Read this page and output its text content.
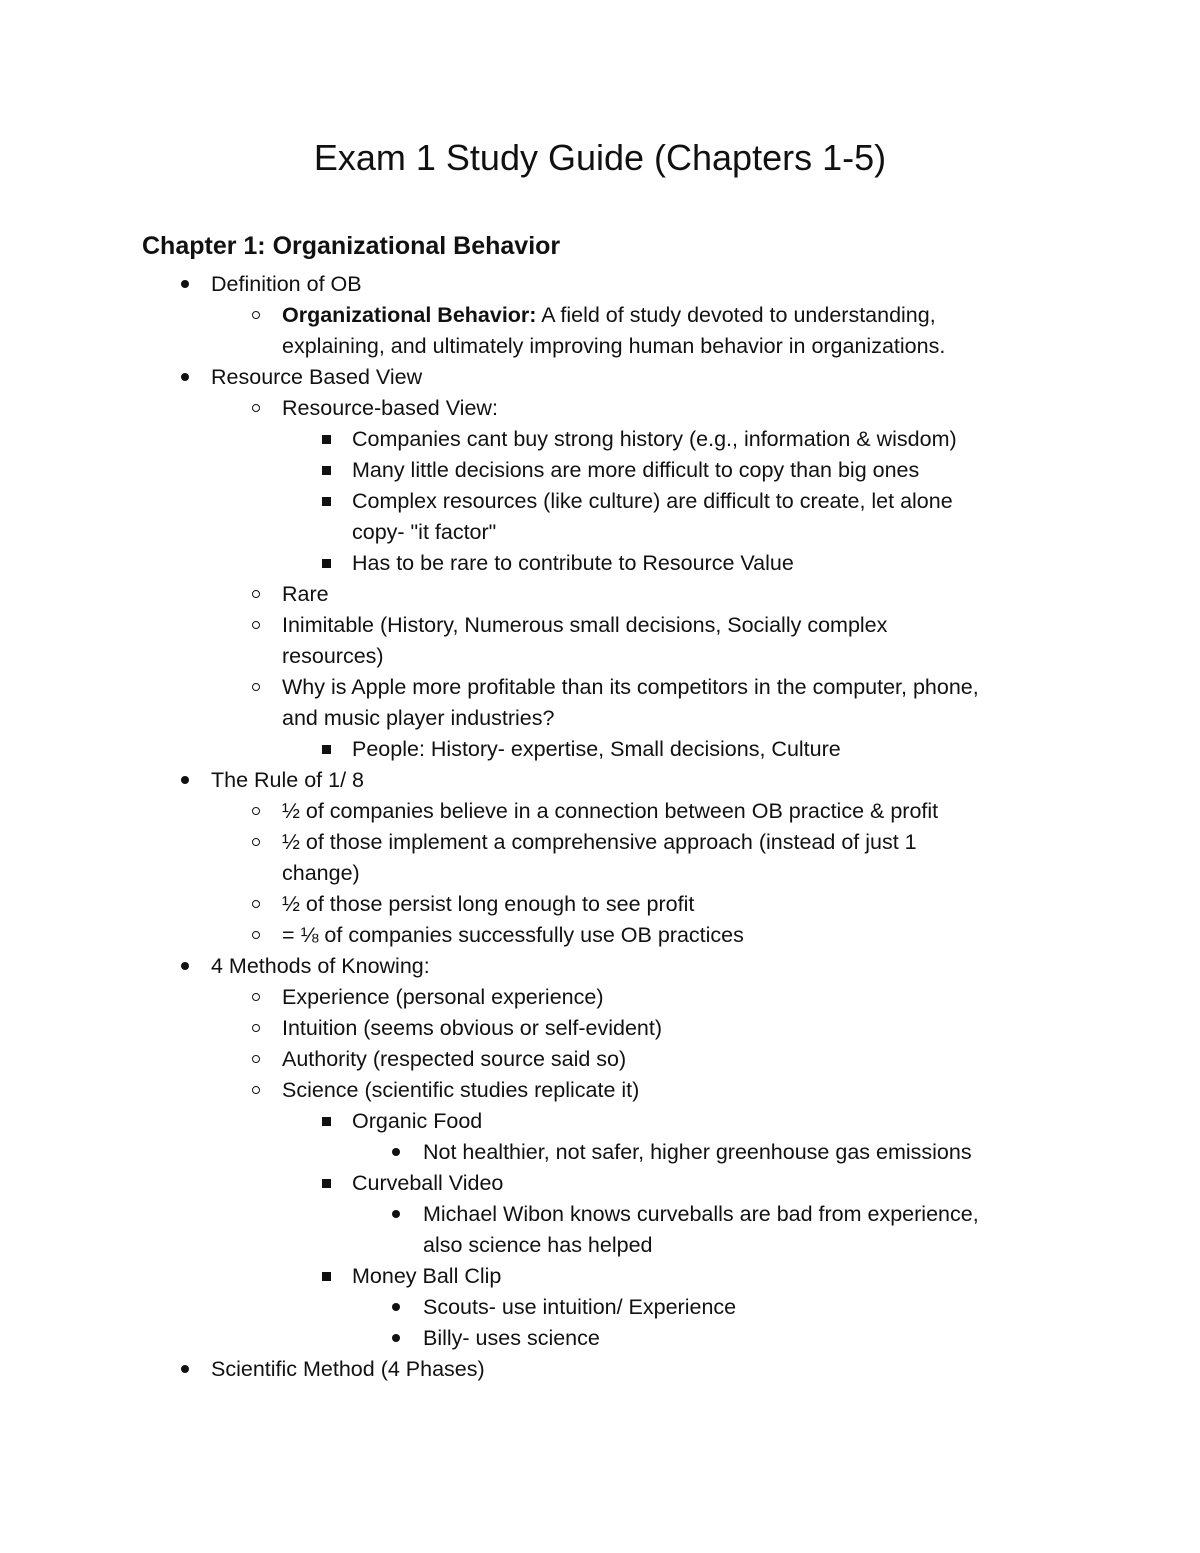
Exam 1 Study Guide (Chapters 1-5)
Chapter 1: Organizational Behavior
Definition of OB
Organizational Behavior: A field of study devoted to understanding,
explaining, and ultimately improving human behavior in organizations.
Resource Based View
Resource-based View:
Companies cant buy strong history (e.g., information & wisdom)
Many little decisions are more difficult to copy than big ones
Complex resources (like culture) are difficult to create, let alone
copy- "it factor"
Has to be rare to contribute to Resource Value
Rare
Inimitable (History, Numerous small decisions, Socially complex
resources)
Why is Apple more profitable than its competitors in the computer, phone,
and music player industries?
People: History- expertise, Small decisions, Culture
The Rule of 1/ 8
½ of companies believe in a connection between OB practice & profit
½ of those implement a comprehensive approach (instead of just 1
change)
½ of those persist long enough to see profit
= ⅛ of companies successfully use OB practices
4 Methods of Knowing:
Experience (personal experience)
Intuition (seems obvious or self-evident)
Authority (respected source said so)
Science (scientific studies replicate it)
Organic Food
Not healthier, not safer, higher greenhouse gas emissions
Curveball Video
Michael Wibon knows curveballs are bad from experience,
also science has helped
Money Ball Clip
Scouts- use intuition/ Experience
Billy- uses science
Scientific Method (4 Phases)
